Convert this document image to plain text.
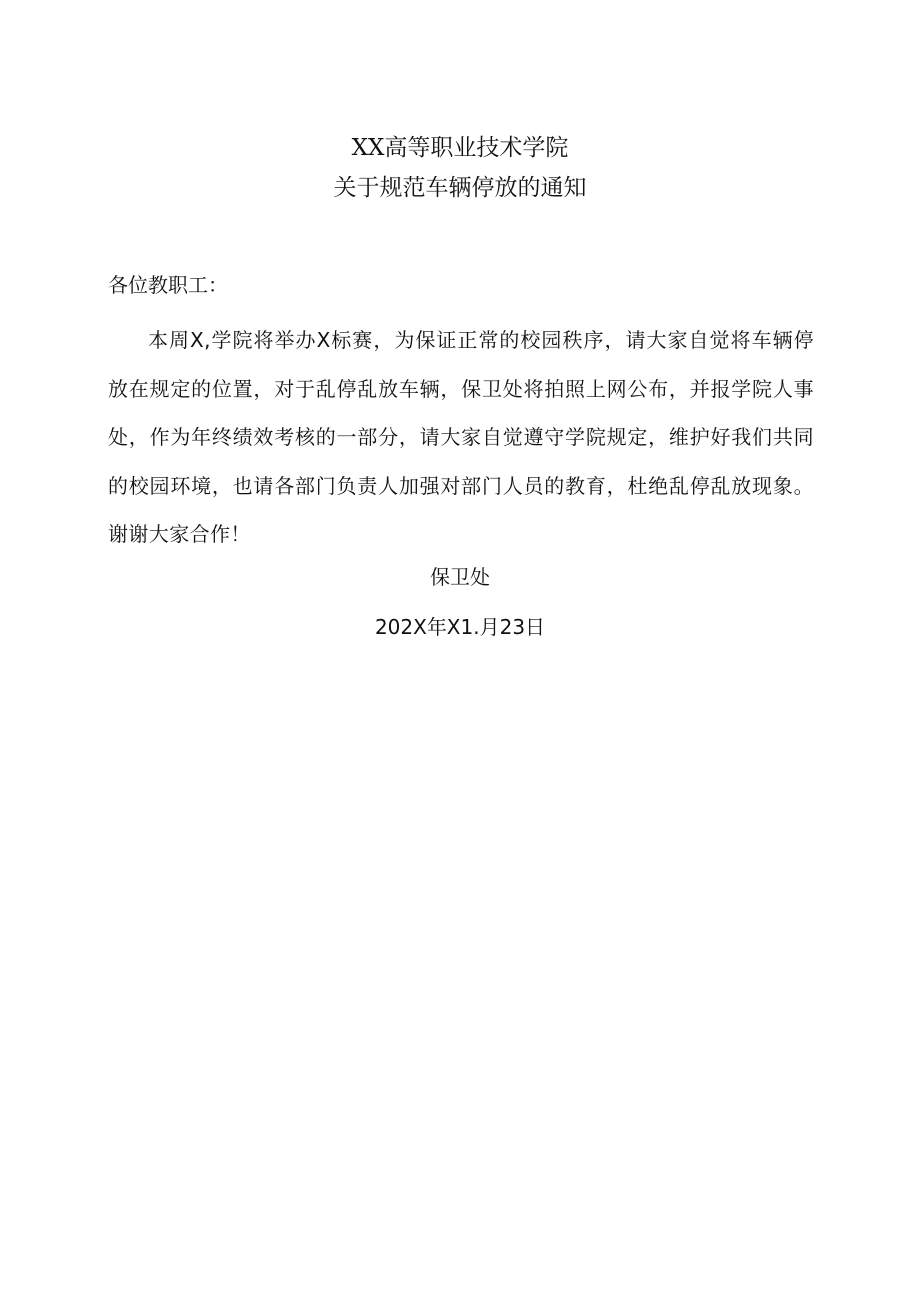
XX高等职业技术学院
关于规范车辆停放的通知
各位教职工：
本周X,学院将举办X标赛，为保证正常的校园秩序，请大家自觉将车辆停放在规定的位置，对于乱停乱放车辆，保卫处将拍照上网公布，并报学院人事处，作为年终绩效考核的一部分，请大家自觉遵守学院规定，维护好我们共同的校园环境，也请各部门负责人加强对部门人员的教育，杜绝乱停乱放现象。谢谢大家合作！
保卫处
202X年X1.月23日
